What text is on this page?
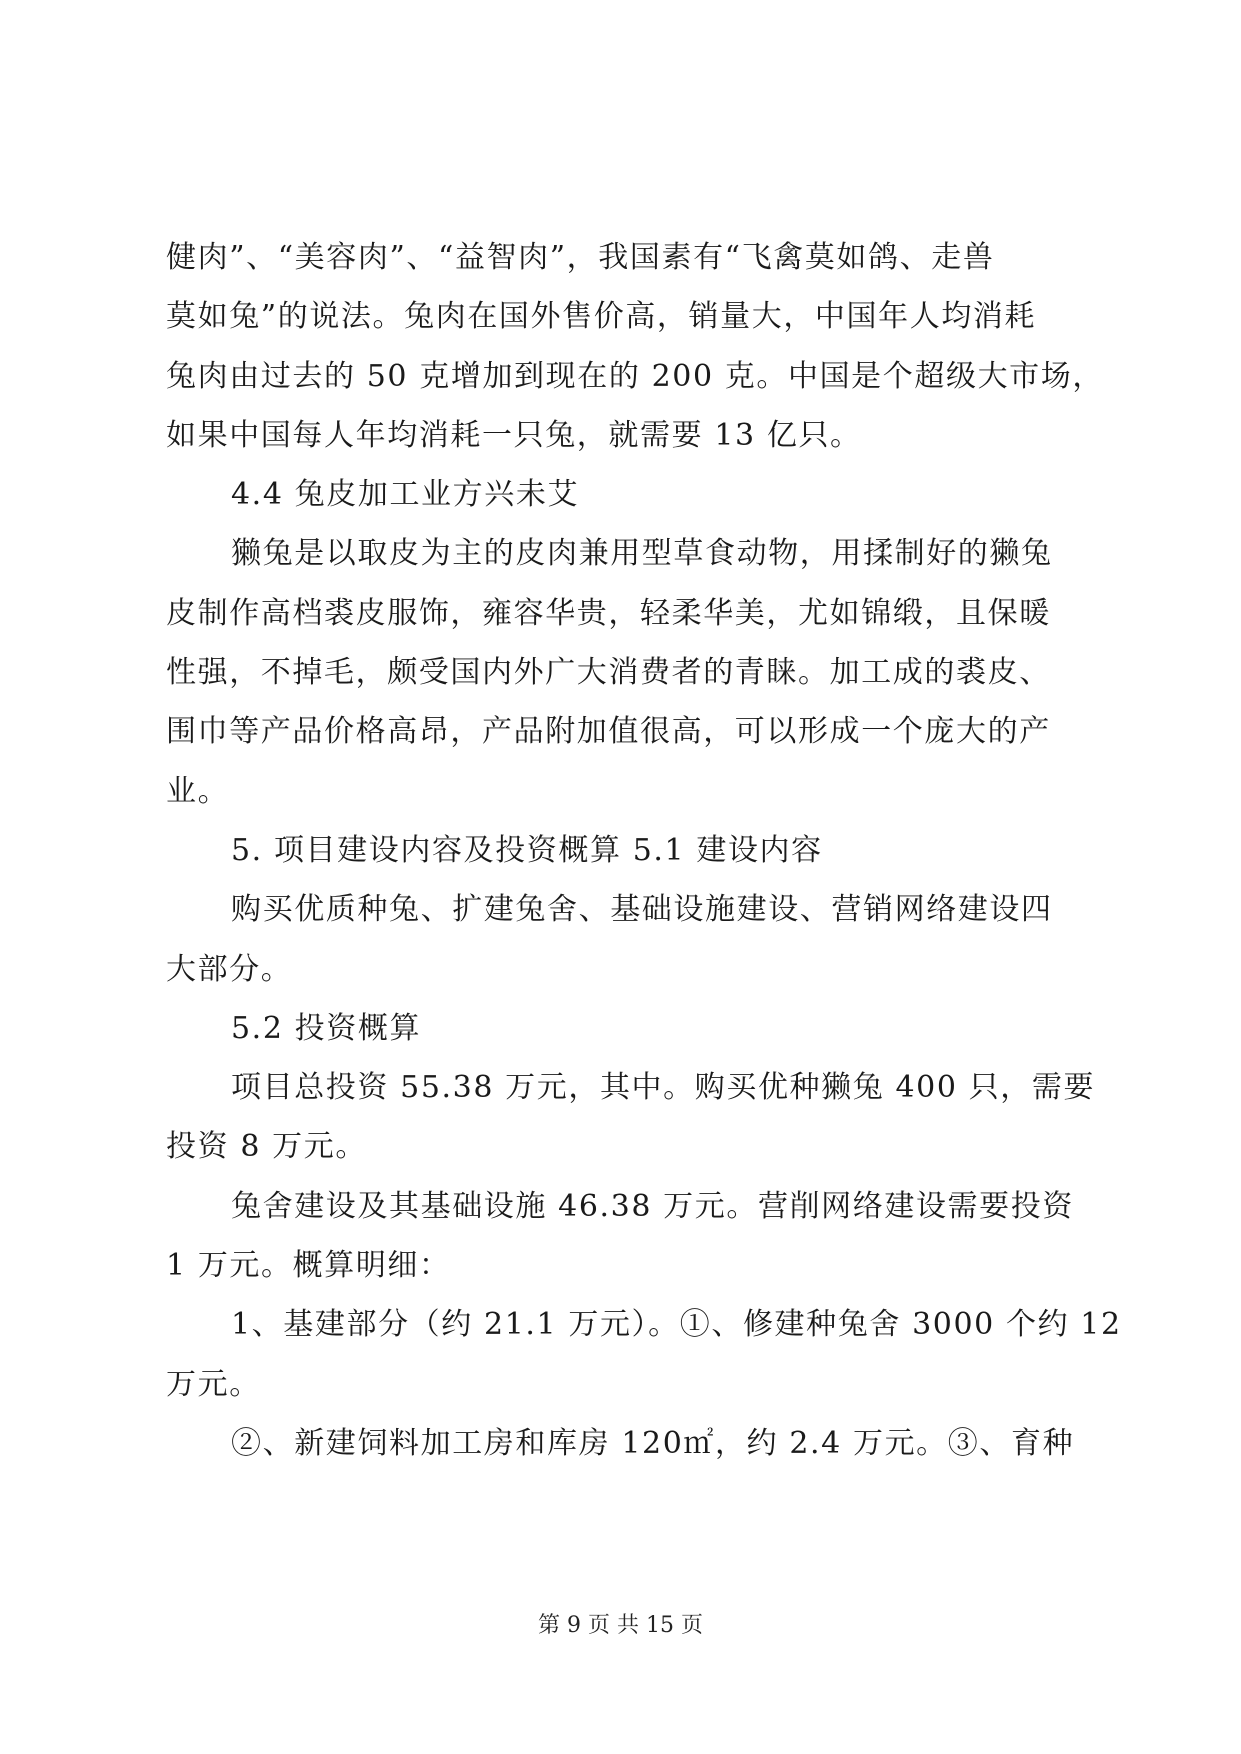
健肉”、“美容肉”、“益智肉”，我国素有“飞禽莫如鸽、走兽
莫如兔”的说法。兔肉在国外售价高，销量大，中国年人均消耗
兔肉由过去的 50 克增加到现在的 200 克。中国是个超级大市场，
如果中国每人年均消耗一只兔，就需要 13 亿只。
4.4 兔皮加工业方兴未艾
獭兔是以取皮为主的皮肉兼用型草食动物，用揉制好的獭兔
皮制作高档裘皮服饰，雍容华贵，轻柔华美，尤如锦缎，且保暖
性强，不掉毛，颇受国内外广大消费者的青睐。加工成的裘皮、
围巾等产品价格高昂，产品附加值很高，可以形成一个庞大的产
业。
5. 项目建设内容及投资概算 5.1 建设内容
购买优质种兔、扩建兔舍、基础设施建设、营销网络建设四
大部分。
5.2 投资概算
项目总投资 55.38 万元，其中。购买优种獭兔 400 只，需要
投资 8 万元。
兔舍建设及其基础设施 46.38 万元。营削网络建设需要投资
1 万元。概算明细：
1、基建部分（约 21.1 万元）。①、修建种兔舍 3000 个约 12
万元。
②、新建饲料加工房和库房 120㎡，约 2.4 万元。③、育种
第 9 页 共 15 页
